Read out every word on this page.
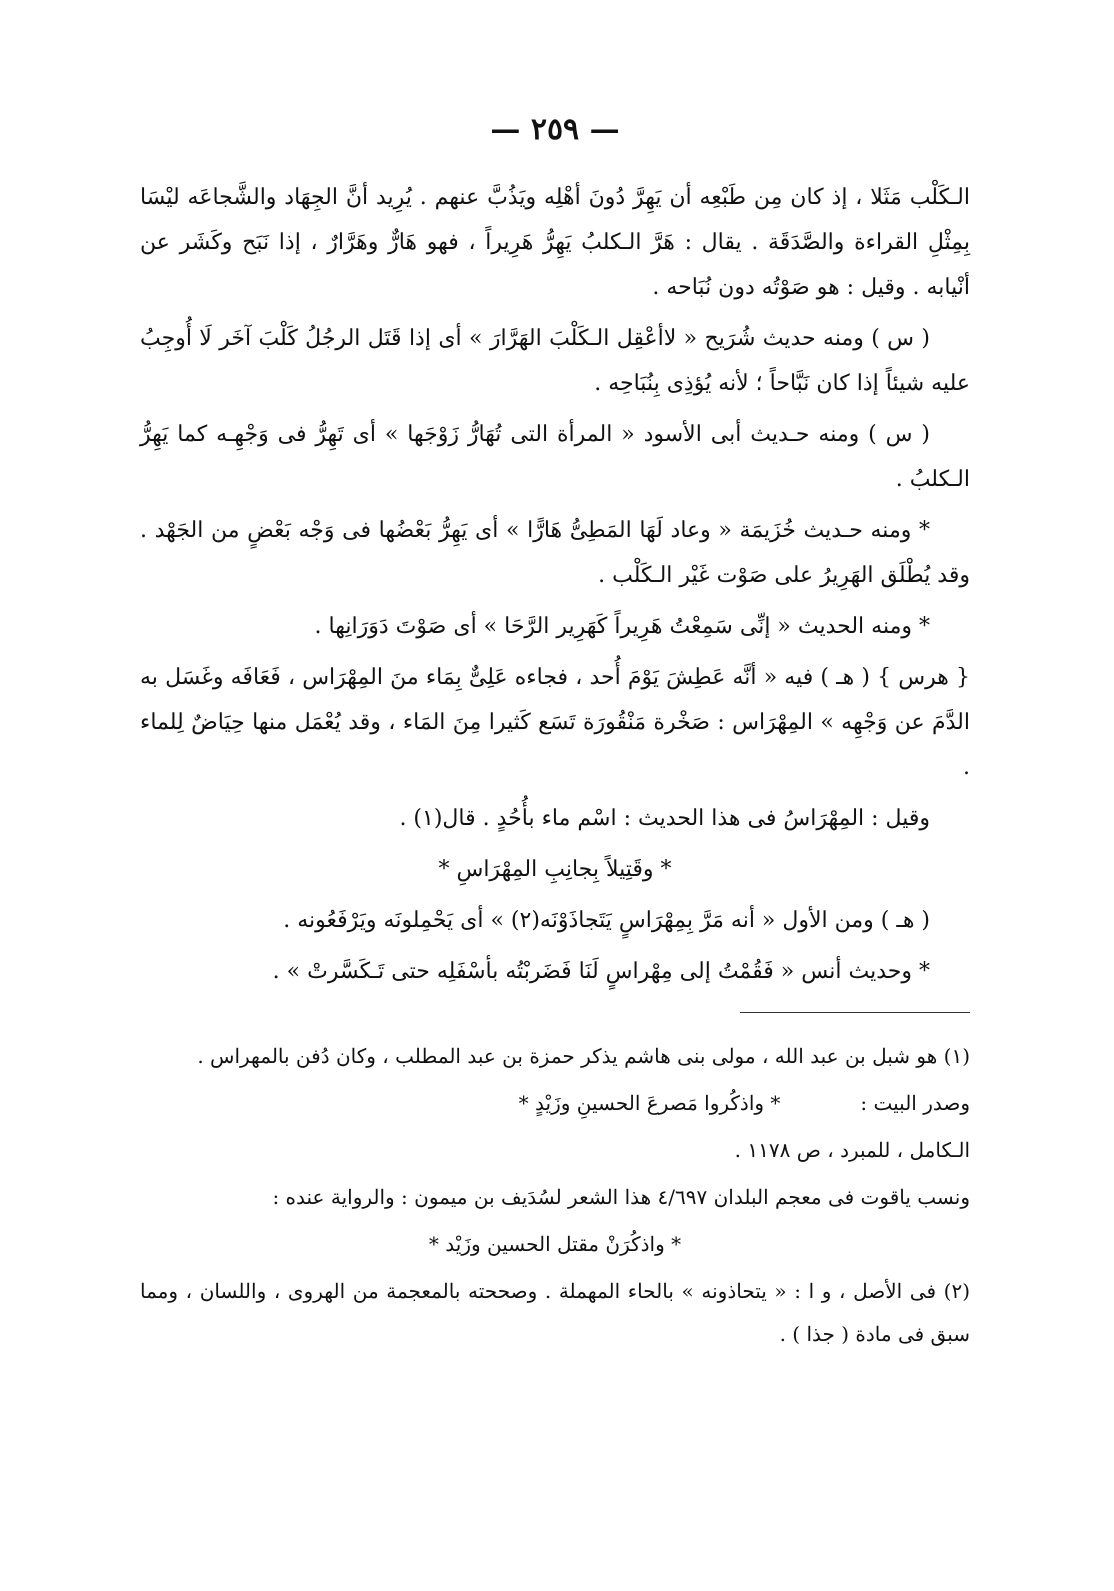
— ٢٥٩ —

الـكَلْب مَثَلا ، إذ كان مِن طَبْعِه أن يَهِرَّ دُونَ أهْلِه ويَذُبَّ عنهم . يُرِيد أنَّ الجِهَاد والشَّجاعَه ليْسَا بِمِثْلِ القراءة والصَّدَقَة . يقال : هَرَّ الـكلبُ يَهِرُّ هَرِيراً ، فهو هَارٌّ وهَرَّارٌ ، إذا نَبَح وكَشَر عن أنْيابه . وقيل : هو صَوْتُه دون نُبَاحه .

( س ) ومنه حديث شُرَيح « لاأعْقِل الـكَلْبَ الهَرَّارَ » أى إذا قَتَل الرجُلُ كَلْبَ آخَر لَا أُوجِبُ عليه شيئاً إذا كان نَبَّاحاً ؛ لأنه يُؤذِى بِنُبَاحِه .

( س ) ومنه حـديث أبى الأسود « المرأة التى تُهَارُّ زَوْجَها » أى تَهِرُّ فى وَجْهِـه كما يَهِرُّ الـكلبُ .

* ومنه حـديث خُزَيمَة « وعاد لَهَا المَطِىُّ هَارًّا » أى يَهِرُّ بَعْضُها فى وَجْه بَعْضٍ من الجَهْد . وقد يُطْلَق الهَرِيرُ على صَوْت غَيْر الـكَلْب .

* ومنه الحديث « إنِّى سَمِعْتُ هَرِيراً كَهَرِير الرَّحَا » أى صَوْتَ دَوَرَانِها .

{ هرس } ( هـ ) فيه « أنَّه عَطِشَ يَوْمَ أُحد ، فجاءه عَلِىٌّ بِمَاء منَ المِهْرَاس ، فَعَافَه وغَسَل به الدَّمَ عن وَجْهِه » المِهْرَاس : صَخْرة مَنْقُورَة تَسَع كَثيرا مِنَ المَاء ، وقد يُعْمَل منها حِيَاضٌ لِلماء .

وقيل : المِهْرَاسُ فى هذا الحديث : اسْم ماء بأُحُدٍ . قال(١) .

* وقَتِيلاً بِجانِبِ المِهْرَاسِ *

( هـ ) ومن الأول « أنه مَرَّ بِمِهْرَاسٍ يَتَجاذَوْنَه(٢) » أى يَحْمِلونَه ويَرْفَعُونه .

* وحديث أنس « فَقُمْتُ إلى مِهْراسٍ لَنَا فَضَربْتُه بأسْفَلِه حتى تَـكَسَّرتْ » .

(١) هو شبل بن عبد الله ، مولى بنى هاشم يذكر حمزة بن عبد المطلب ، وكان دُفن بالمهراس .

وصدر البيت :
* واذكُروا مَصرعَ الحسينِ وزَيْدٍ *

الـكامل ، للمبرد ، ص ١١٧٨ .

ونسب ياقوت فى معجم البلدان ٤/٦٩٧ هذا الشعر لسُدَيف بن ميمون : والرواية عنده :

* واذكُرَنْ مقتل الحسين وزَيْد *

(٢) فى الأصل ، و ا : « يتحاذونه » بالحاء المهملة . وصححته بالمعجمة من الهروى ، واللسان ، ومما سبق فى مادة ( جذا ) .
